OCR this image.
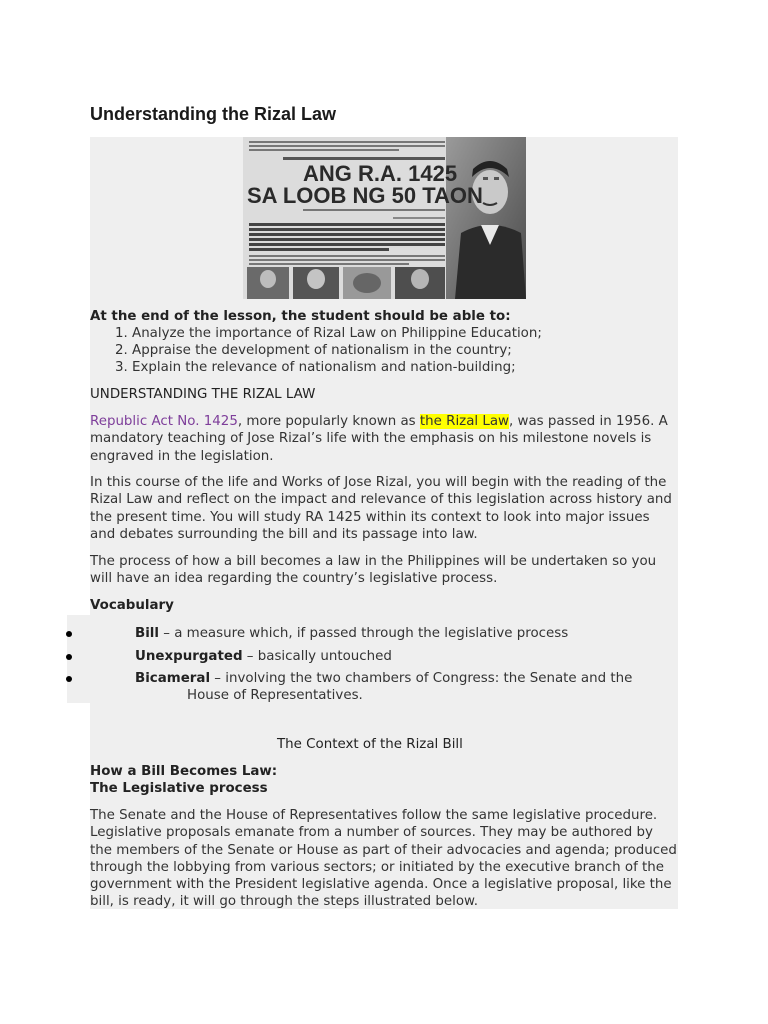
Understanding the Rizal Law
ANG R.A. 1425
SA LOOB NG 50 TAON
At the end of the lesson, the student should be able to:
1. Analyze the importance of Rizal Law on Philippine Education;
2. Appraise the development of nationalism in the country;
3. Explain the relevance of nationalism and nation-building;
UNDERSTANDING THE RIZAL LAW

Republic Act No. 1425, more popularly known as the Rizal Law, was passed in 1956. A mandatory teaching of Jose Rizal’s life with the emphasis on his milestone novels is engraved in the legislation.

In this course of the life and Works of Jose Rizal, you will begin with the reading of the Rizal Law and reflect on the impact and relevance of this legislation across history and the present time. You will study RA 1425 within its context to look into major issues and debates surrounding the bill and its passage into law.

The process of how a bill becomes a law in the Philippines will be undertaken so you will have an idea regarding the country’s legislative process.

Vocabulary
Bill – a measure which, if passed through the legislative process
Unexpurgated – basically untouched
Bicameral – involving the two chambers of Congress: the Senate and the
House of Representatives.
The Context of the Rizal Bill
How a Bill Becomes Law:
The Legislative process

The Senate and the House of Representatives follow the same legislative procedure. Legislative proposals emanate from a number of sources. They may be authored by the members of the Senate or House as part of their advocacies and agenda; produced through the lobbying from various sectors; or initiated by the executive branch of the government with the President legislative agenda. Once a legislative proposal, like the bill, is ready, it will go through the steps illustrated below.
